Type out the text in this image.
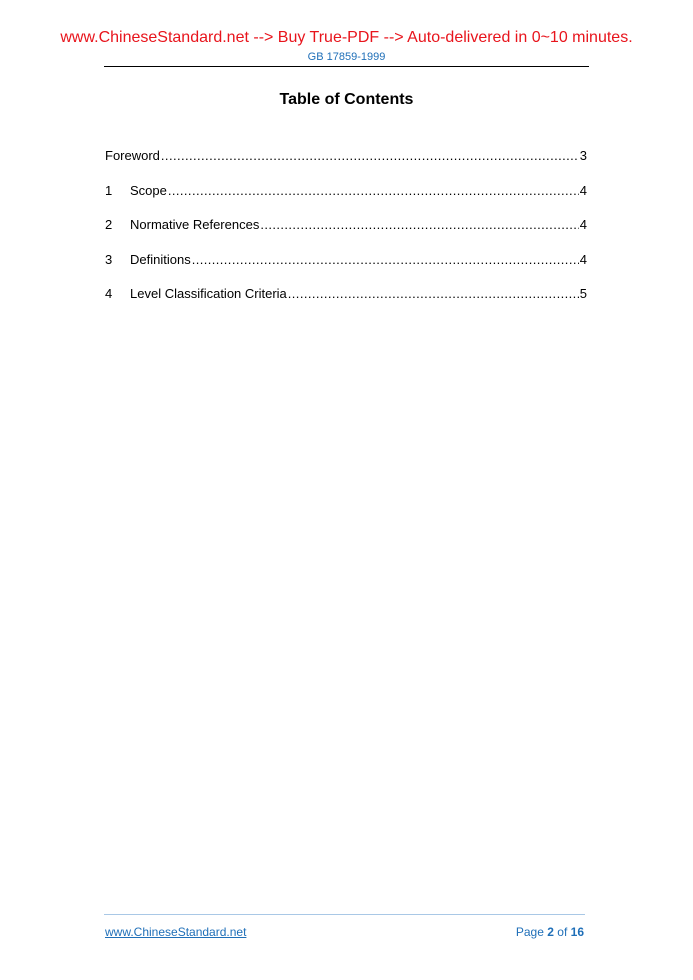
www.ChineseStandard.net --> Buy True-PDF --> Auto-delivered in 0~10 minutes.
GB 17859-1999
Table of Contents
Foreword .....	3
1	Scope .....	4
2	Normative References .....	4
3	Definitions .....	4
4	Level Classification Criteria .....	5
www.ChineseStandard.net	Page 2 of 16
